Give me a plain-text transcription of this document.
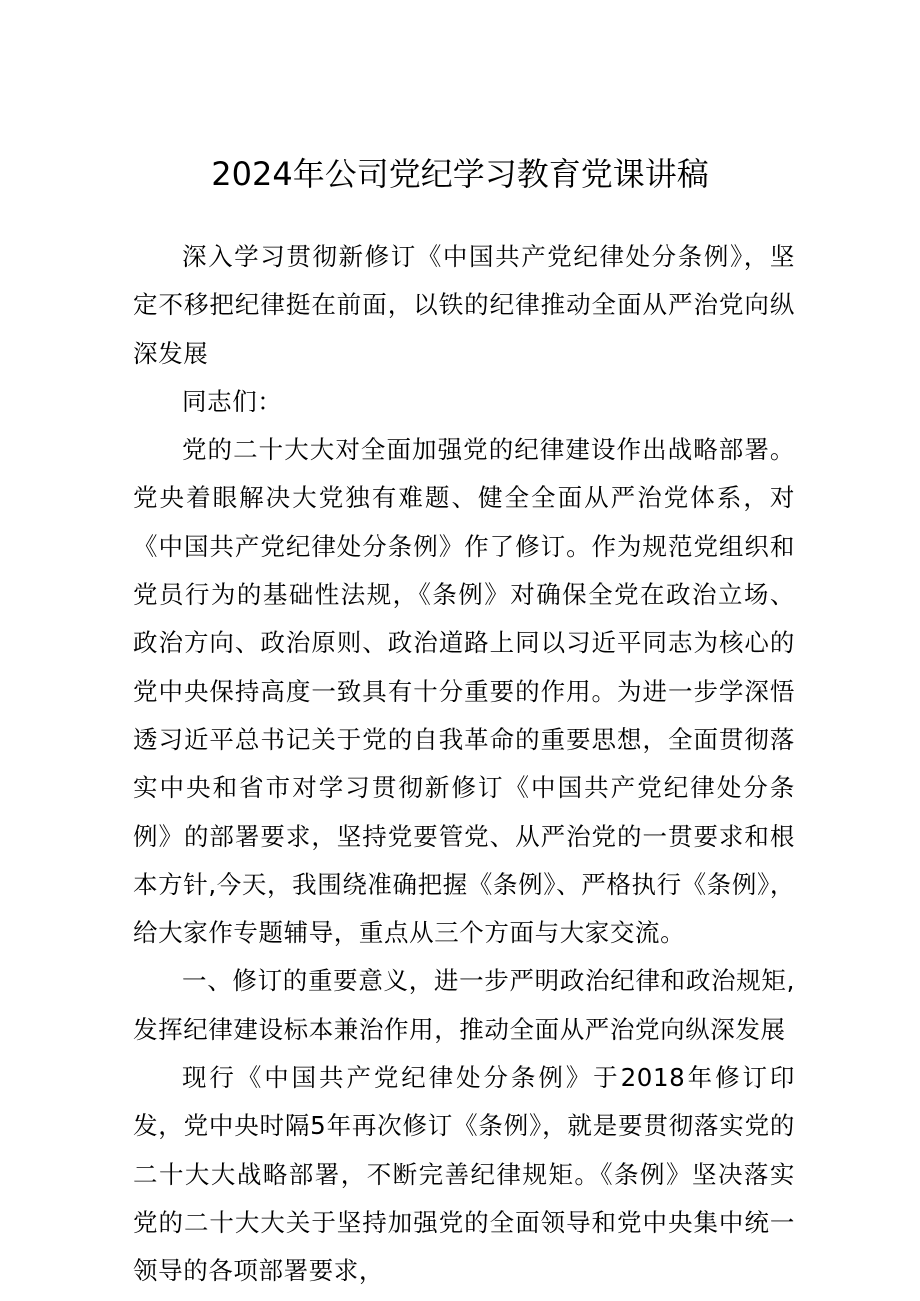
2024年公司党纪学习教育党课讲稿

深入学习贯彻新修订《中国共产党纪律处分条例》，坚定不移把纪律挺在前面，以铁的纪律推动全面从严治党向纵深发展

同志们：

党的二十大大对全面加强党的纪律建设作出战略部署。党央着眼解决大党独有难题、健全全面从严治党体系，对《中国共产党纪律处分条例》作了修订。作为规范党组织和党员行为的基础性法规，《条例》对确保全党在政治立场、政治方向、政治原则、政治道路上同以习近平同志为核心的党中央保持高度一致具有十分重要的作用。为进一步学深悟透习近平总书记关于党的自我革命的重要思想，全面贯彻落实中央和省市对学习贯彻新修订《中国共产党纪律处分条例》的部署要求，坚持党要管党、从严治党的一贯要求和根本方针,今天，我围绕准确把握《条例》、严格执行《条例》，给大家作专题辅导，重点从三个方面与大家交流。

一、修订的重要意义，进一步严明政治纪律和政治规矩,发挥纪律建设标本兼治作用，推动全面从严治党向纵深发展

现行《中国共产党纪律处分条例》于2018年修订印发，党中央时隔5年再次修订《条例》，就是要贯彻落实党的二十大大战略部署，不断完善纪律规矩。《条例》坚决落实党的二十大大关于坚持加强党的全面领导和党中央集中统一领导的各项部署要求，
